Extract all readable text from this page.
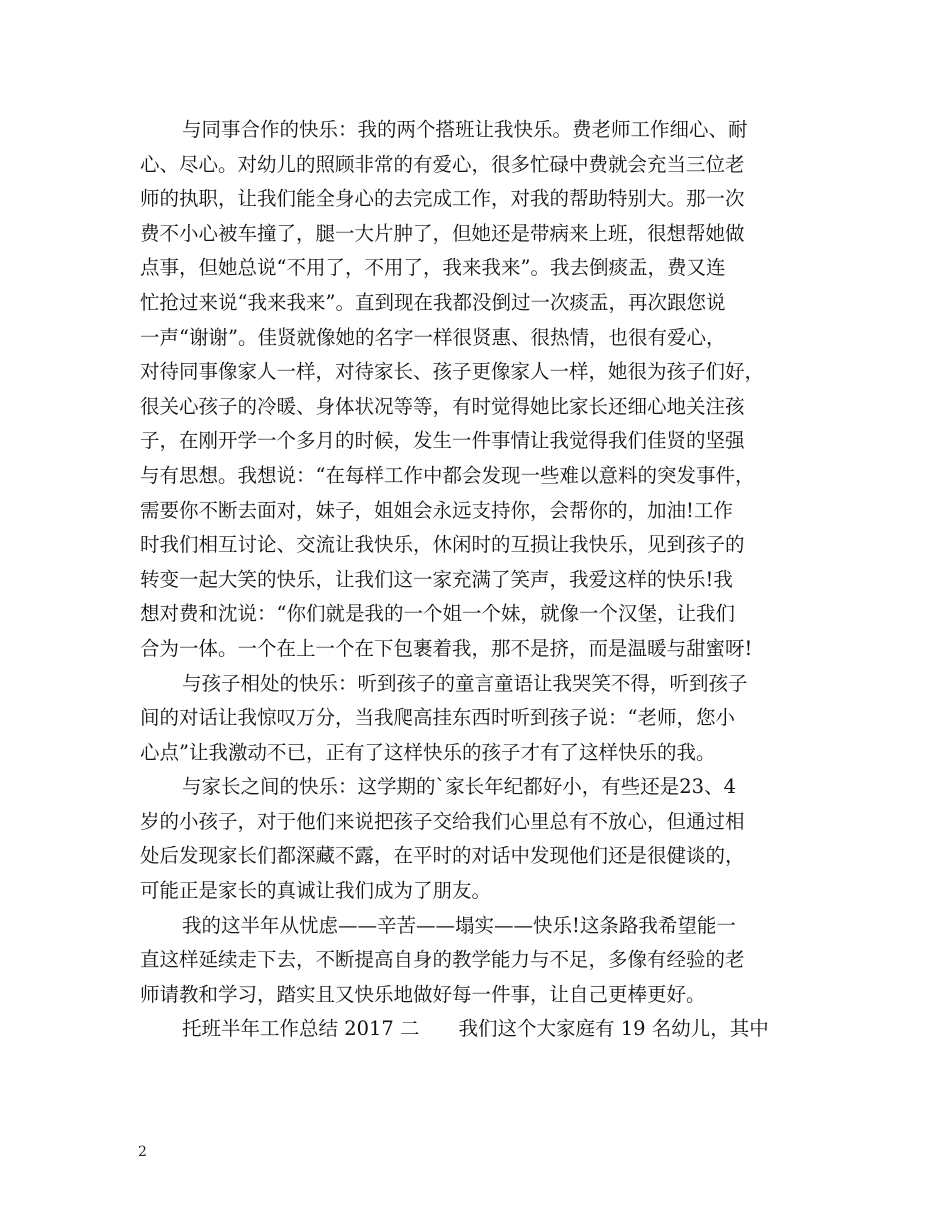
与同事合作的快乐：我的两个搭班让我快乐。费老师工作细心、耐
心、尽心。对幼儿的照顾非常的有爱心，很多忙碌中费就会充当三位老
师的执职，让我们能全身心的去完成工作，对我的帮助特别大。那一次
费不小心被车撞了，腿一大片肿了，但她还是带病来上班，很想帮她做
点事，但她总说“不用了，不用了，我来我来”。我去倒痰盂，费又连
忙抢过来说“我来我来”。直到现在我都没倒过一次痰盂，再次跟您说
一声“谢谢”。佳贤就像她的名字一样很贤惠、很热情，也很有爱心，
对待同事像家人一样，对待家长、孩子更像家人一样，她很为孩子们好，
很关心孩子的冷暖、身体状况等等，有时觉得她比家长还细心地关注孩
子，在刚开学一个多月的时候，发生一件事情让我觉得我们佳贤的坚强
与有思想。我想说：“在每样工作中都会发现一些难以意料的突发事件，
需要你不断去面对，妹子，姐姐会永远支持你，会帮你的，加油!工作
时我们相互讨论、交流让我快乐，休闲时的互损让我快乐，见到孩子的
转变一起大笑的快乐，让我们这一家充满了笑声，我爱这样的快乐!我
想对费和沈说：“你们就是我的一个姐一个妹，就像一个汉堡，让我们
合为一体。一个在上一个在下包裹着我，那不是挤，而是温暖与甜蜜呀!
与孩子相处的快乐：听到孩子的童言童语让我哭笑不得，听到孩子
间的对话让我惊叹万分，当我爬高挂东西时听到孩子说：“老师，您小
心点”让我激动不已，正有了这样快乐的孩子才有了这样快乐的我。
与家长之间的快乐：这学期的`家长年纪都好小，有些还是23、4
岁的小孩子，对于他们来说把孩子交给我们心里总有不放心，但通过相
处后发现家长们都深藏不露，在平时的对话中发现他们还是很健谈的，
可能正是家长的真诚让我们成为了朋友。
我的这半年从忧虑——辛苦——塌实——快乐!这条路我希望能一
直这样延续走下去，不断提高自身的教学能力与不足，多像有经验的老
师请教和学习，踏实且又快乐地做好每一件事，让自己更棒更好。
托班半年工作总结 2017 二　　我们这个大家庭有 19 名幼儿，其中
2
